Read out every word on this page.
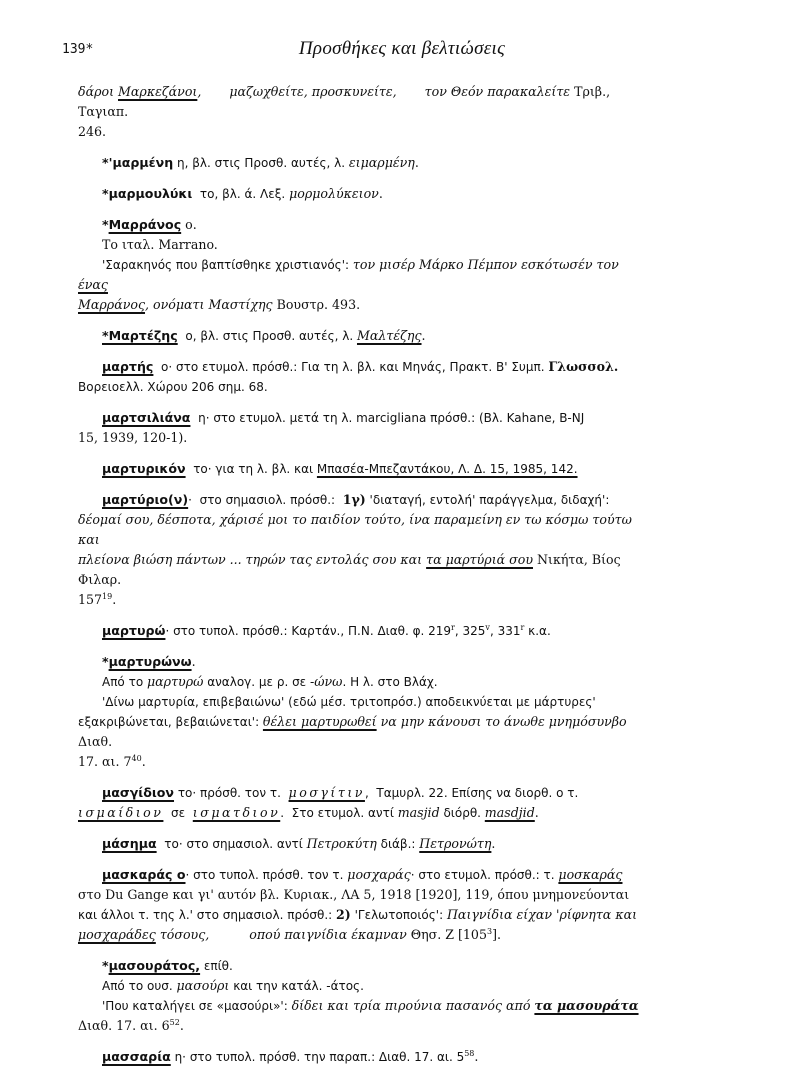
139*	Προσθήκες και βελτιώσεις

δάροι Μαρκεζάνοι,       μαζωχθείτε, προσκυνείτε,       τον Θεόν παρακαλείτε Τριβ., Ταγιαπ.

246.

*'μαρμένη η, βλ. στις Προσθ. αυτές, λ. ειμαρμένη.

*μαρμουλύκι  το, βλ. ά. Λεξ. μορμολύκειον.

*Μαρράνος ο.

Το ιταλ. Marrano.

'Σαρακηνός που βαπτίσθηκε χριστιανός': τον μισέρ Μάρκο Πέμπον εσκότωσέν τον ένας

Μαρράνος, ονόματι Μαστίχης Βουστρ. 493.

*Μαρτέζης  ο, βλ. στις Προσθ. αυτές, λ. Μαλτέζης.

μαρτής  ο· στο ετυμολ. πρόσθ.: Για τη λ. βλ. και Μηνάς, Πρακτ. Β' Συμπ. Γλωσσολ.

Βορειοελλ. Χώρου 206 σημ. 68.

μαρτσιλιάνα  η· στο ετυμολ. μετά τη λ. marcigliana πρόσθ.: (Βλ. Kahane, B-NJ

15, 1939, 120-1).

μαρτυρικόν  το· για τη λ. βλ. και Μπασέα-Μπεζαντάκου, Λ. Δ. 15, 1985, 142.

μαρτύριο(ν)·  στο σημασιολ. πρόσθ.:  1γ) 'διαταγή, εντολή' παράγγελμα, διδαχή':

δέομαί σου, δέσποτα, χάρισέ μοι το παιδίον τούτο, ίνα παραμείνη εν τω κόσμω τούτω και

πλείονα βιώση πάντων ... τηρών τας εντολάς σου και τα μαρτύριά σου Νικήτα, Βίος Φιλαρ.

$157^{19}$.

μαρτυρώ· στο τυπολ. πρόσθ.: Καρτάν., Π.Ν. Διαθ. φ. 219$^r$, 325$^v$, 331$^r$ κ.α.

*μαρτυρώνω.

Από το μαρτυρώ αναλογ. με ρ. σε -ώνω. Η λ. στο Βλάχ.

'Δίνω μαρτυρία, επιβεβαιώνω' (εδώ μέσ. τριτοπρόσ.) αποδεικνύεται με μάρτυρες'

εξακριβώνεται, βεβαιώνεται': θέλει μαρτυρωθεί να μην κάνουσι το άνωθε μνημόσυνβο Διαθ.

17. αι. $7^{40}$.

μασγίδιον το· πρόσθ. τον τ.  μοσγίτιν,  Ταμυρλ. 22. Επίσης να διορθ. ο τ.

ισμαίδιον  σε  ισματδιον.  Στο ετυμολ. αντί masjid διόρθ. masdjid.

μάσημα  το· στο σημασιολ. αντί Πετροκύτη διάβ.: Πετρονώτη.

μασκαράς ο· στο τυπολ. πρόσθ. τον τ. μοσχαράς· στο ετυμολ. πρόσθ.: τ. μοσκαράς

στο Du Gange και γι' αυτόν βλ. Κυριακ., ΛΑ 5, 1918 [1920], 119, όπου μνημονεύονται

και άλλοι τ. της λ.' στο σημασιολ. πρόσθ.: 2) 'Γελωτοποιός': Παιγνίδια είχαν 'ρίφνητα και

μοσχαράδες τόσους,          οπού παιγνίδια έκαμναν Θησ. Ζ $[105^3]$.

*μασουράτος, επίθ.

Από το ουσ. μασούρι και την κατάλ. -άτος.

'Που καταλήγει σε «μασούρι»': δίδει και τρία πιρούνια πασανός από τα μασουράτα

Διαθ. 17. αι. $6^{52}$.

μασσαρία η· στο τυπολ. πρόσθ. την παραπ.: Διαθ. 17. αι. $5^{58}$.
